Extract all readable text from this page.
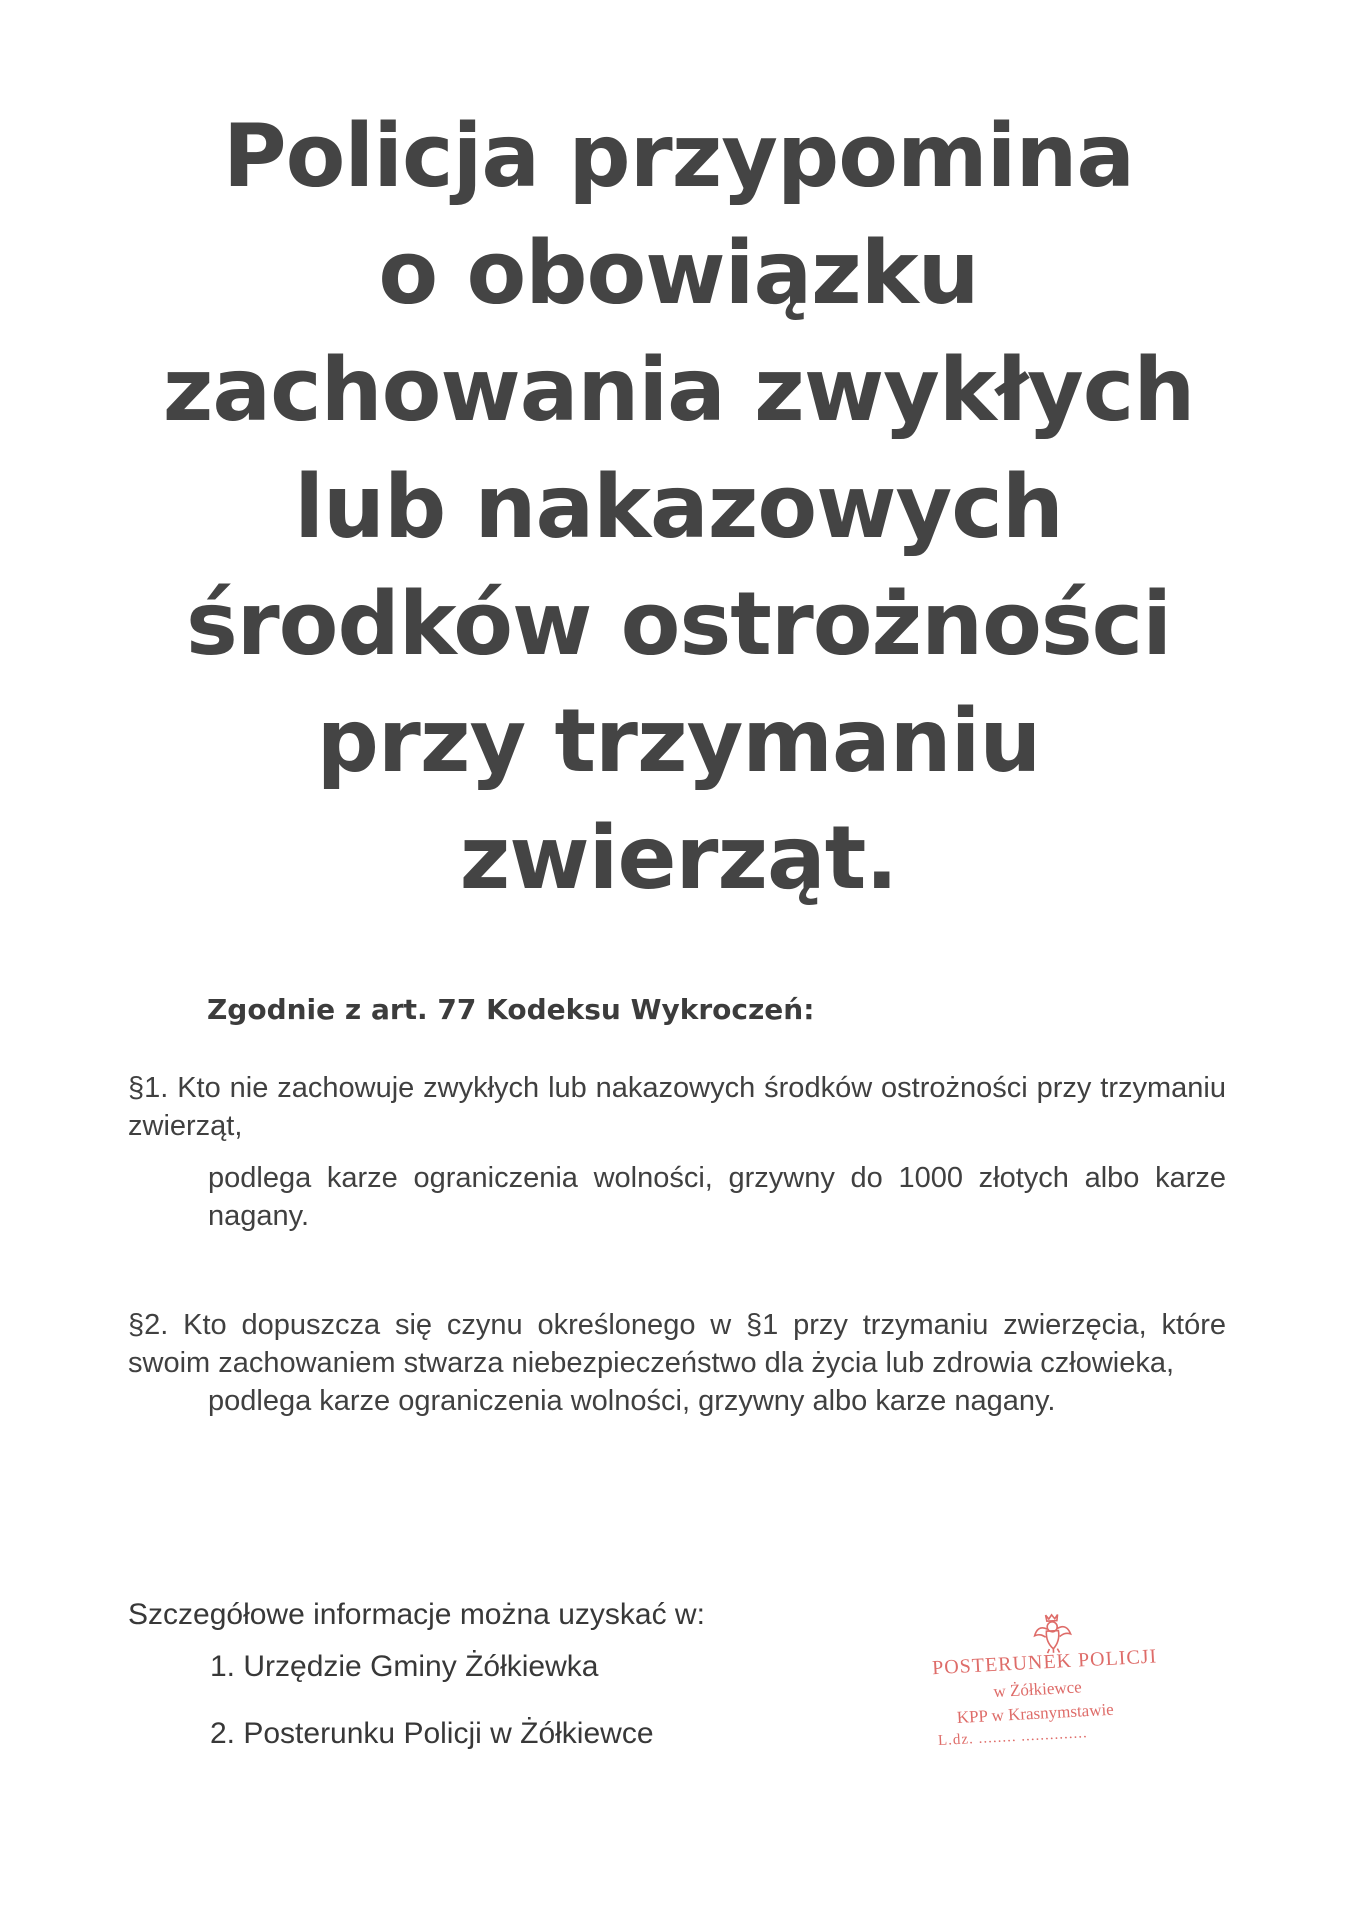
Policja przypomina
o obowiązku
zachowania zwykłych
lub nakazowych
środków ostrożności
przy trzymaniu
zwierząt.
Zgodnie z art. 77 Kodeksu Wykroczeń:
§1. Kto nie zachowuje zwykłych lub nakazowych środków ostrożności przy trzymaniu zwierząt,
podlega karze ograniczenia wolności, grzywny do 1000 złotych albo karze nagany.
§2. Kto dopuszcza się czynu określonego w §1 przy trzymaniu zwierzęcia, które swoim zachowaniem stwarza niebezpieczeństwo dla życia lub zdrowia człowieka,
podlega karze ograniczenia wolności, grzywny albo karze nagany.
Szczegółowe informacje można uzyskać w:
1. Urzędzie Gminy Żółkiewka
2. Posterunku Policji w Żółkiewce
POSTERUNEK POLICJI
w Żółkiewce
KPP w Krasnymstawie
L.dz. ........ ..............
